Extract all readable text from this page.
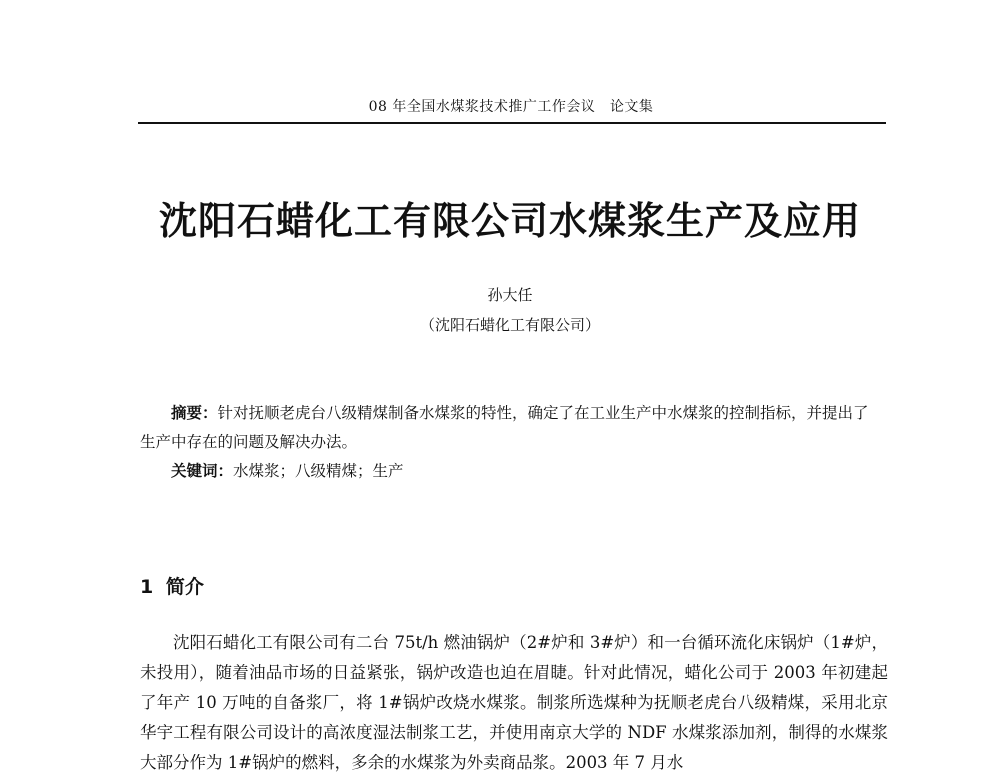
08 年全国水煤浆技术推广工作会议　论文集
沈阳石蜡化工有限公司水煤浆生产及应用
孙大任
（沈阳石蜡化工有限公司）
摘要：针对抚顺老虎台八级精煤制备水煤浆的特性，确定了在工业生产中水煤浆的控制指标，并提出了生产中存在的问题及解决办法。
关键词：水煤浆；八级精煤；生产
1 简介

沈阳石蜡化工有限公司有二台 75t/h 燃油锅炉（2#炉和 3#炉）和一台循环流化床锅炉（1#炉，未投用），随着油品市场的日益紧张，锅炉改造也迫在眉睫。针对此情况，蜡化公司于 2003 年初建起了年产 10 万吨的自备浆厂，将 1#锅炉改烧水煤浆。制浆所选煤种为抚顺老虎台八级精煤，采用北京华宇工程有限公司设计的高浓度湿法制浆工艺，并使用南京大学的 NDF 水煤浆添加剂，制得的水煤浆大部分作为 1#锅炉的燃料，多余的水煤浆为外卖商品浆。2003 年 7 月水
